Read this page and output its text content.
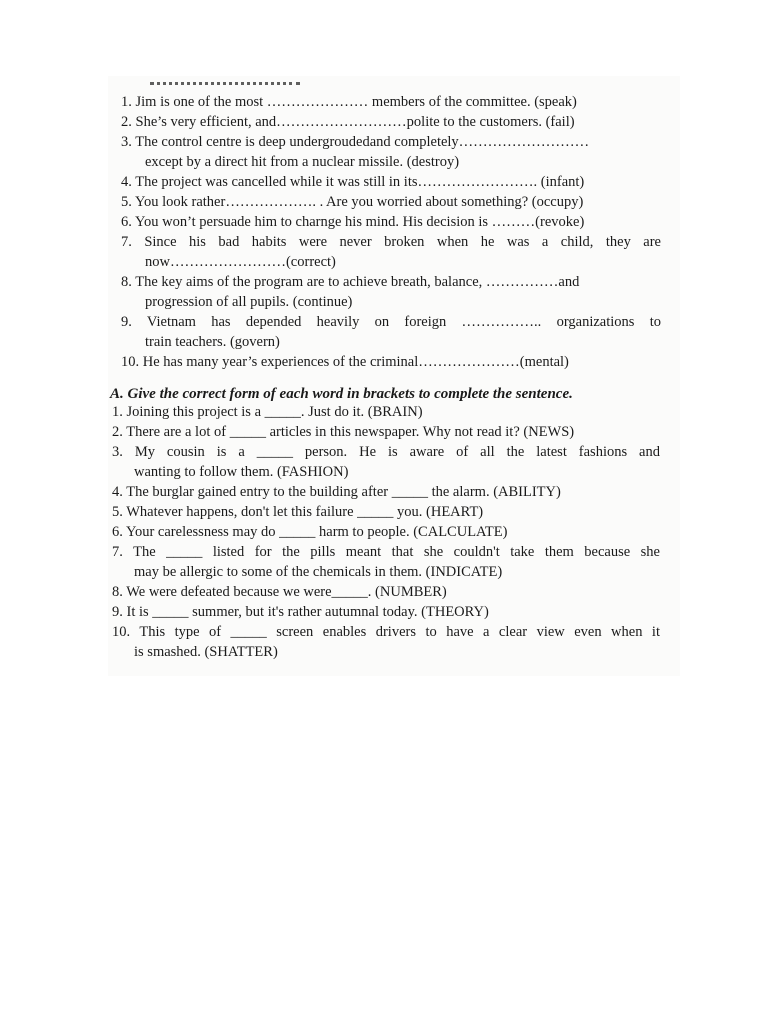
1. Jim is one of the most ………………… members of the committee. (speak)
2. She’s very efficient, and………………………polite to the customers. (fail)
3. The control centre is deep undergroudedand completely………………………
except by a direct hit from a nuclear missile. (destroy)
4. The project was cancelled while it was still in its……………………. (infant)
5. You look rather………………. . Are you worried about something? (occupy)
6. You won’t persuade him to charnge his mind. His decision is ………(revoke)
7. Since his bad habits were never broken when he was a child, they are
now……………………(correct)
8. The key aims of the program are to achieve breath, balance, ……………and
progression of all pupils. (continue)
9. Vietnam has depended heavily on foreign …………….. organizations to
train teachers. (govern)
10. He has many year’s experiences of the criminal…………………(mental)
A. Give the correct form of each word in brackets to complete the sentence.
1. Joining this project is a _____. Just do it. (BRAIN)
2. There are a lot of _____ articles in this newspaper. Why not read it? (NEWS)
3. My cousin is a _____ person. He is aware of all the latest fashions and
wanting to follow them. (FASHION)
4. The burglar gained entry to the building after _____ the alarm. (ABILITY)
5. Whatever happens, don't let this failure _____ you. (HEART)
6. Your carelessness may do _____ harm to people. (CALCULATE)
7. The _____ listed for the pills meant that she couldn't take them because she
may be allergic to some of the chemicals in them. (INDICATE)
8. We were defeated because we were_____. (NUMBER)
9. It is _____ summer, but it's rather autumnal today. (THEORY)
10. This type of _____ screen enables drivers to have a clear view even when it
is smashed. (SHATTER)
